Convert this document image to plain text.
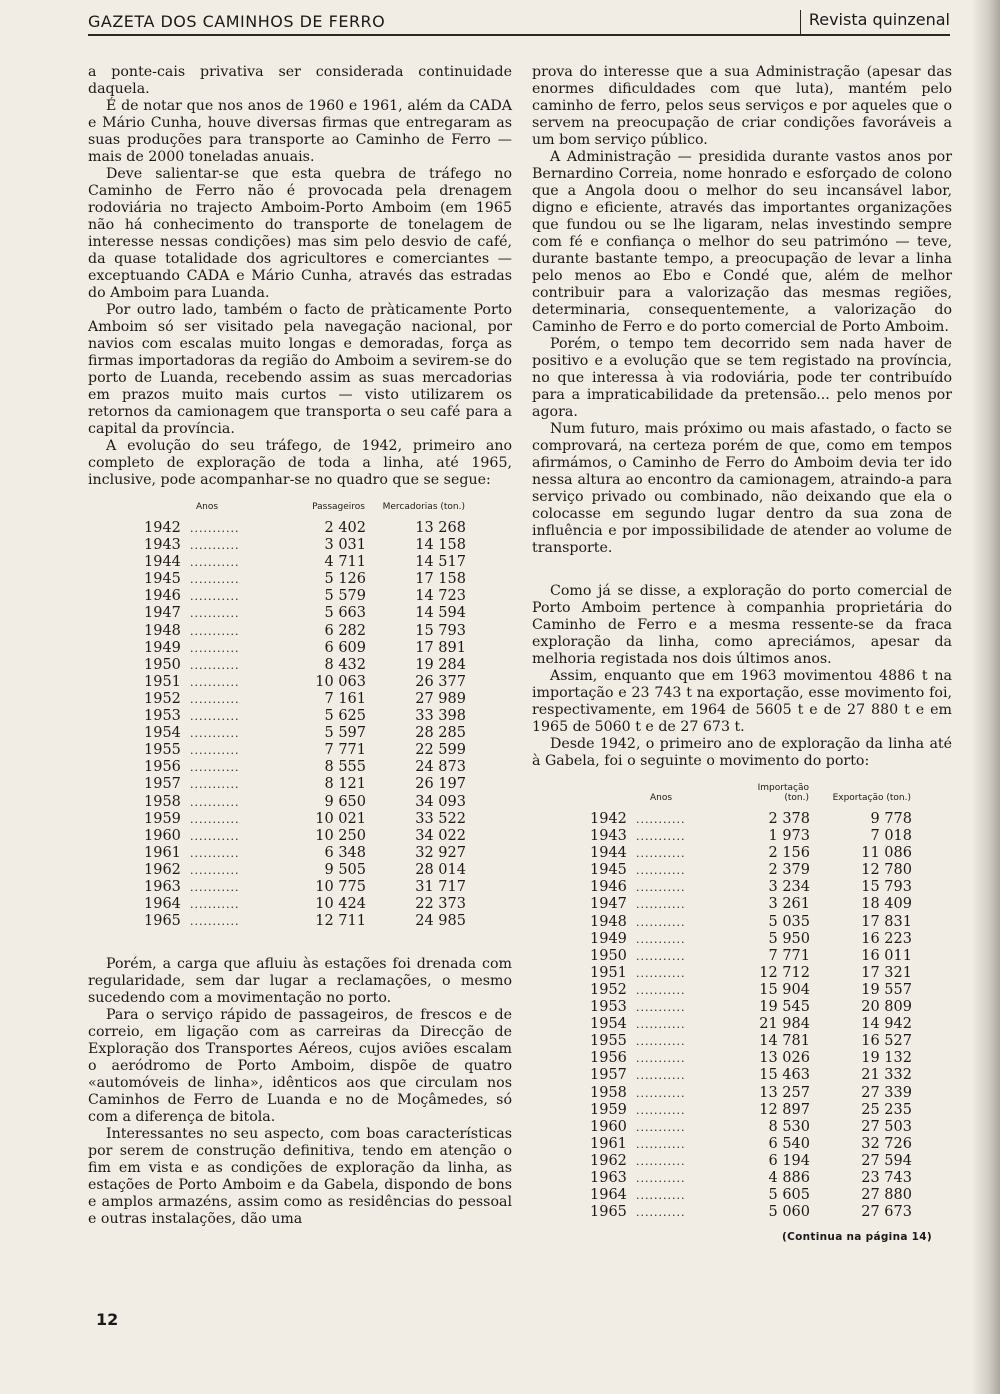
GAZETA DOS CAMINHOS DE FERRO	Revista quinzenal

a ponte-cais privativa ser considerada continuidade daquela.

É de notar que nos anos de 1960 e 1961, além da CADA e Mário Cunha, houve diversas firmas que entregaram as suas produções para transporte ao Caminho de Ferro — mais de 2000 toneladas anuais.

Deve salientar-se que esta quebra de tráfego no Caminho de Ferro não é provocada pela drenagem rodoviária no trajecto Amboim-Porto Amboim (em 1965 não há conhecimento do transporte de tonelagem de interesse nessas condições) mas sim pelo desvio de café, da quase totalidade dos agricultores e comerciantes — exceptuando CADA e Mário Cunha, através das estradas do Amboim para Luanda.

Por outro lado, também o facto de pràticamente Porto Amboim só ser visitado pela navegação nacional, por navios com escalas muito longas e demoradas, força as firmas importadoras da região do Amboim a sevirem-se do porto de Luanda, recebendo assim as suas mercadorias em prazos muito mais curtos — visto utilizarem os retornos da camionagem que transporta o seu café para a capital da província.

A evolução do seu tráfego, de 1942, primeiro ano completo de exploração de toda a linha, até 1965, inclusive, pode acompanhar-se no quadro que se segue:

Anos		Passageiros	Mercadorias (ton.)
1942	...........	2 402	13 268
1943	...........	3 031	14 158
1944	...........	4 711	14 517
1945	...........	5 126	17 158
1946	...........	5 579	14 723
1947	...........	5 663	14 594
1948	...........	6 282	15 793
1949	...........	6 609	17 891
1950	...........	8 432	19 284
1951	...........	10 063	26 377
1952	...........	7 161	27 989
1953	...........	5 625	33 398
1954	...........	5 597	28 285
1955	...........	7 771	22 599
1956	...........	8 555	24 873
1957	...........	8 121	26 197
1958	...........	9 650	34 093
1959	...........	10 021	33 522
1960	...........	10 250	34 022
1961	...........	6 348	32 927
1962	...........	9 505	28 014
1963	...........	10 775	31 717
1964	...........	10 424	22 373
1965	...........	12 711	24 985

Porém, a carga que afluiu às estações foi drenada com regularidade, sem dar lugar a reclamações, o mesmo sucedendo com a movimentação no porto.

Para o serviço rápido de passageiros, de frescos e de correio, em ligação com as carreiras da Direcção de Exploração dos Transportes Aéreos, cujos aviões escalam o aeródromo de Porto Amboim, dispõe de quatro «automóveis de linha», idênticos aos que circulam nos Caminhos de Ferro de Luanda e no de Moçâmedes, só com a diferença de bitola.

Interessantes no seu aspecto, com boas características por serem de construção definitiva, tendo em atenção o fim em vista e as condições de exploração da linha, as estações de Porto Amboim e da Gabela, dispondo de bons e amplos armazéns, assim como as residências do pessoal e outras instalações, dão uma

prova do interesse que a sua Administração (apesar das enormes dificuldades com que luta), mantém pelo caminho de ferro, pelos seus serviços e por aqueles que o servem na preocupação de criar condições favoráveis a um bom serviço público.

A Administração — presidida durante vastos anos por Bernardino Correia, nome honrado e esforçado de colono que a Angola doou o melhor do seu incansável labor, digno e eficiente, através das importantes organizações que fundou ou se lhe ligaram, nelas investindo sempre com fé e confiança o melhor do seu patrimóno — teve, durante bastante tempo, a preocupação de levar a linha pelo menos ao Ebo e Condé que, além de melhor contribuir para a valorização das mesmas regiões, determinaria, consequentemente, a valorização do Caminho de Ferro e do porto comercial de Porto Amboim.

Porém, o tempo tem decorrido sem nada haver de positivo e a evolução que se tem registado na província, no que interessa à via rodoviária, pode ter contribuído para a impraticabilidade da pretensão... pelo menos por agora.

Num futuro, mais próximo ou mais afastado, o facto se comprovará, na certeza porém de que, como em tempos afirmámos, o Caminho de Ferro do Amboim devia ter ido nessa altura ao encontro da camionagem, atraindo-a para serviço privado ou combinado, não deixando que ela o colocasse em segundo lugar dentro da sua zona de influência e por impossibilidade de atender ao volume de transporte.

Como já se disse, a exploração do porto comercial de Porto Amboim pertence à companhia proprietária do Caminho de Ferro e a mesma ressente-se da fraca exploração da linha, como apreciámos, apesar da melhoria registada nos dois últimos anos.

Assim, enquanto que em 1963 movimentou 4886 t na importação e 23 743 t na exportação, esse movimento foi, respectivamente, em 1964 de 5605 t e de 27 880 t e em 1965 de 5060 t e de 27 673 t.

Desde 1942, o primeiro ano de exploração da linha até à Gabela, foi o seguinte o movimento do porto:

Anos		Importação (ton.)	Exportação (ton.)
1942	...........	2 378	9 778
1943	...........	1 973	7 018
1944	...........	2 156	11 086
1945	...........	2 379	12 780
1946	...........	3 234	15 793
1947	...........	3 261	18 409
1948	...........	5 035	17 831
1949	...........	5 950	16 223
1950	...........	7 771	16 011
1951	...........	12 712	17 321
1952	...........	15 904	19 557
1953	...........	19 545	20 809
1954	...........	21 984	14 942
1955	...........	14 781	16 527
1956	...........	13 026	19 132
1957	...........	15 463	21 332
1958	...........	13 257	27 339
1959	...........	12 897	25 235
1960	...........	8 530	27 503
1961	...........	6 540	32 726
1962	...........	6 194	27 594
1963	...........	4 886	23 743
1964	...........	5 605	27 880
1965	...........	5 060	27 673
(Continua na página 14)
12
